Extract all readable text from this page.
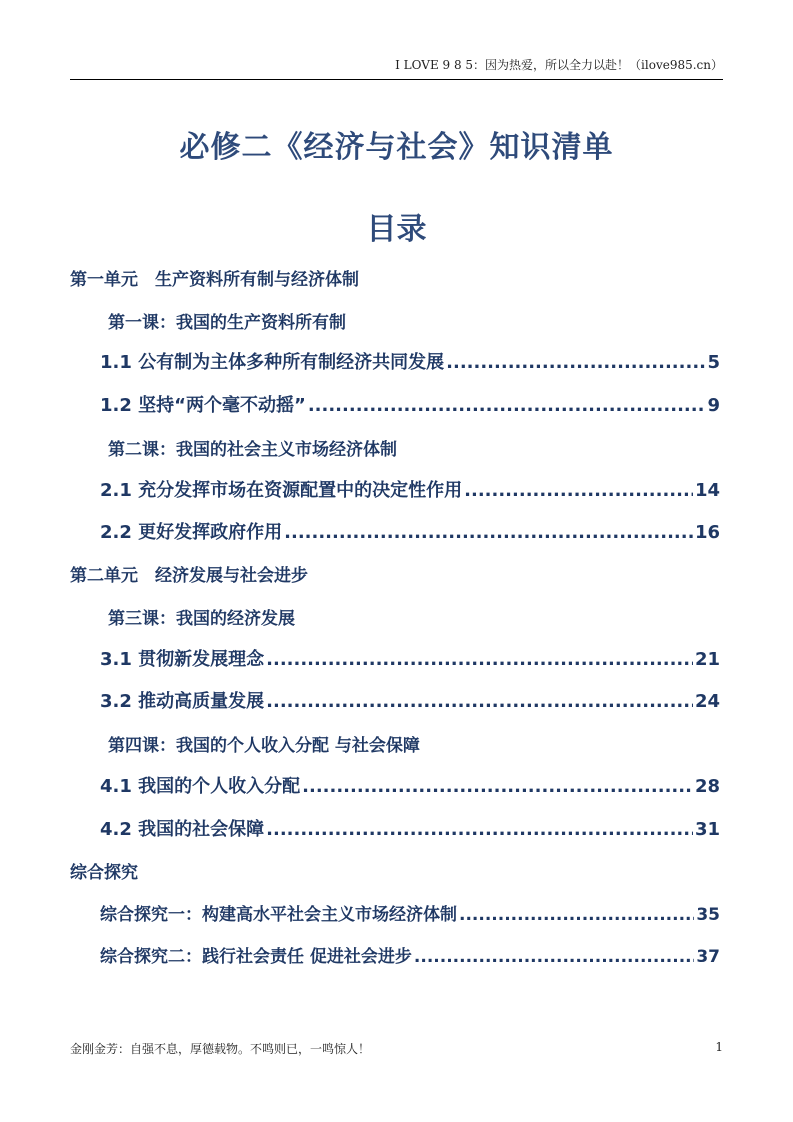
I LOVE 9 8 5：因为热爱，所以全力以赴！（ilove985.cn）
必修二《经济与社会》知识清单
目录
第一单元　生产资料所有制与经济体制
第一课：我国的生产资料所有制
1.1 公有制为主体多种所有制经济共同发展 .....	5
1.2 坚持“两个毫不动摇” .....	9
第二课：我国的社会主义市场经济体制
2.1 充分发挥市场在资源配置中的决定性作用 .....	14
2.2 更好发挥政府作用 .....	16
第二单元　经济发展与社会进步
第三课：我国的经济发展
3.1 贯彻新发展理念 .....	21
3.2 推动高质量发展 .....	24
第四课：我国的个人收入分配 与社会保障
4.1 我国的个人收入分配 .....	28
4.2 我国的社会保障 .....	31
综合探究
综合探究一：构建高水平社会主义市场经济体制 .....	35
综合探究二：践行社会责任 促进社会进步 .....	37
金刚金芳：自强不息，厚德载物。不鸣则已，一鸣惊人！	1
